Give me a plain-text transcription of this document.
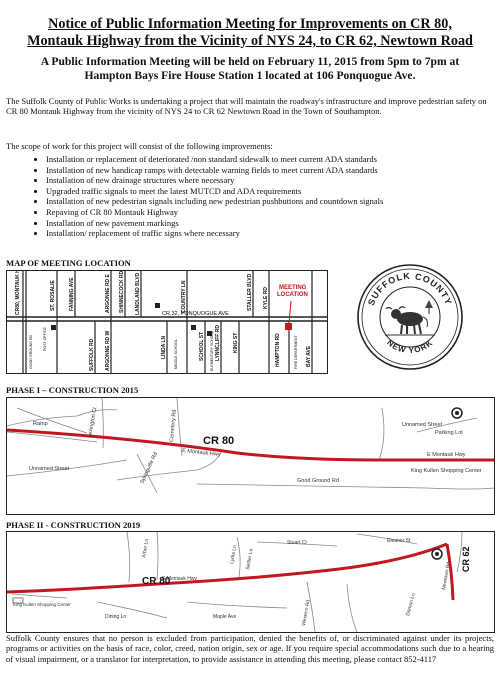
Notice of Public Information Meeting for Improvements on CR 80,
Montauk Highway from the Vicinity of NYS 24, to CR 62, Newtown Road
A Public Information Meeting will be held on February 11, 2015 from 5pm to 7pm at
Hampton Bays Fire House Station 1 located at 106 Ponquogue Ave.
The Suffolk County of Public Works is undertaking a project that will maintain the roadway's infrastructure and improve pedestrian safety on CR 80 Montauk Highway from the vicinity of NYS 24 to CR 62 Newtown Road in the Town of Southampton.
The scope of work for this project will consist of the following improvements:
• Installation or replacement of deteriorated /non standard sidewalk to meet current ADA standards
• Installation of new handicap ramps with detectable warning fields to meet current ADA standards
• Installation of new drainage structures where necessary
• Upgraded traffic signals to meet the latest MUTCD and ADA requirements
• Installation of new pedestrian signals including new pedestrian pushbuttons and countdown signals
• Repaving of CR 80 Montauk Highway
• Installation of new pavement markings
• Installation/ replacement of traffic signs where necessary
MAP OF MEETING LOCATION
CR.32, PONQUOGUE AVE
MEETING
LOCATION
CR80, MONTAUK HWY	ST. ROSALIE	FANNING AVE
SUFFOLK RD ARGONNE RD W
ARGONNE RD E SHINNECOCK RD LANDLAND BLVD
LINDA LN
COUNTRY LN
SCHOOL ST LYNNCLIFF RD KING ST
STALLER BLVD KYLE RD
HAMPTON RD	BAY AVE
GOOD GROUND RD	POST OFFICE
MIDDLE SCHOOL	ELEMENTARY SCHOOL	FIRE DEPARTMENT
SUFFOLK COUNTY
NEW YORK
PHASE I – CONSTRUCTION 2015
Ramp	Lexington Ct	Cemetery Rd
Unnamed Street	Springville Rd	E Montauk Hwy
Good Ground Rd
Unnamed Street
Parking Lot
E Montauk Hwy
King Kullen Shopping Center
CR 80
PHASE II - CONSTRUCTION 2019
Arbor Ln	Lydia Ln Settler Ln
Stuart Ct	Eleanor St
E Montauk Hwy
Dining Ln	Maple Ave	Western Rd
Newtown Rd
Damon Ln
King Kullen Shopping Center
CR 80
CR 62
Suffolk County ensures that no person is excluded from participation, denied the benefits of, or discriminated against under its projects, programs or activities on the basis of race, color, creed, nation origin, sex or age. If you require special accommodations such due to a hearing of visual impairment, or a translator for interpretation, to provide assistance in attending this meeting, please contact 852-4117
